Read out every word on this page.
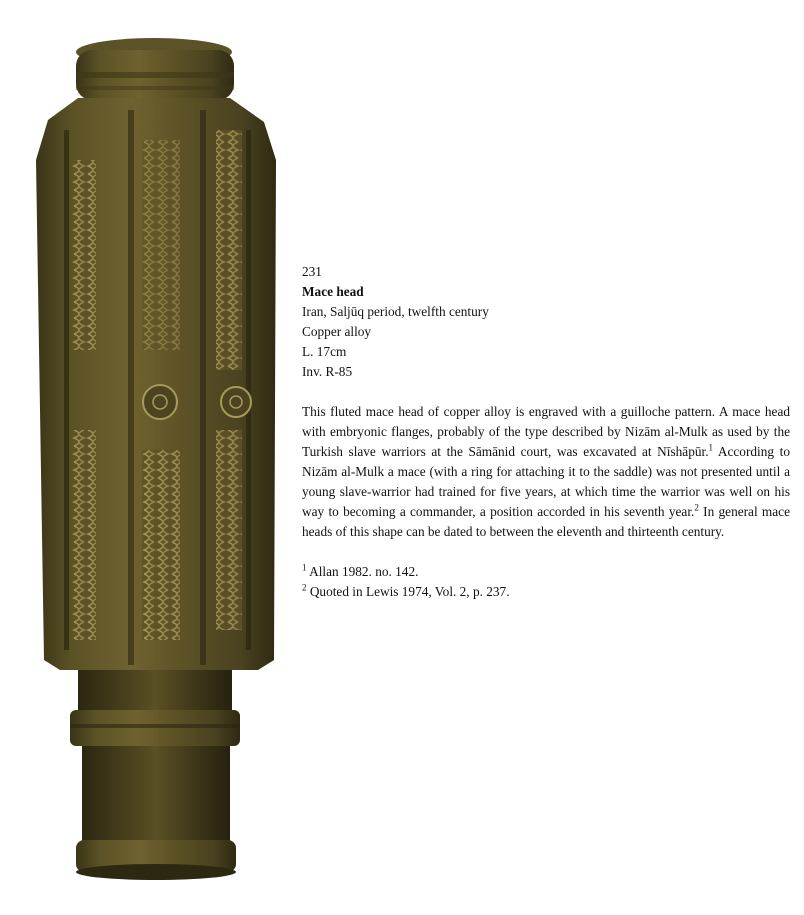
231

Mace head

Iran, Saljūq period, twelfth century

Copper alloy

L. 17cm

Inv. R-85

This fluted mace head of copper alloy is engraved with a guilloche pattern. A mace head with embryonic flanges, probably of the type described by Nizām al-Mulk as used by the Turkish slave warriors at the Sāmānid court, was excavated at Nīshāpūr.$^1$ According to Nizām al-Mulk a mace (with a ring for attaching it to the saddle) was not presented until a young slave-warrior had trained for five years, at which time the warrior was well on his way to becoming a commander, a position accorded in his seventh year.$^2$ In general mace heads of this shape can be dated to between the eleventh and thirteenth century.

$^1$ Allan 1982. no. 142.

$^2$ Quoted in Lewis 1974, Vol. 2, p. 237.
